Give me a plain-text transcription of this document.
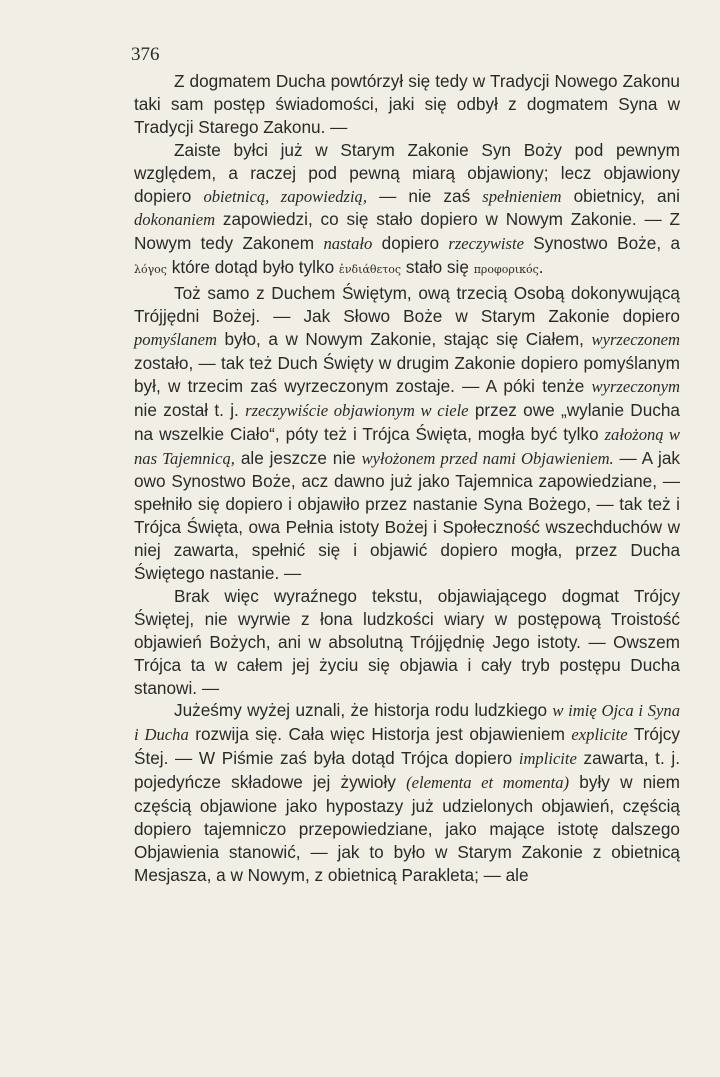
376

Z dogmatem Ducha powtórzył się tedy w Tradycji Nowego Zakonu taki sam postęp świadomości, jaki się odbył z dogmatem Syna w Tradycji Starego Zakonu. —

Zaiste byłci już w Starym Zakonie Syn Boży pod pewnym względem, a raczej pod pewną miarą objawiony; lecz objawiony dopiero obietnicą, zapowiedzią, — nie zaś spełnieniem obietnicy, ani dokonaniem zapowiedzi, co się stało dopiero w Nowym Zakonie. — Z Nowym tedy Zakonem nastało dopiero rzeczywiste Synostwo Boże, a λόγος które dotąd było tylko ἐνδιάθετος stało się προφορικός.

Toż samo z Duchem Świętym, ową trzecią Osobą dokonywującą Trójjędni Bożej. — Jak Słowo Boże w Starym Zakonie dopiero pomyślanem było, a w Nowym Zakonie, stając się Ciałem, wyrzeczonem zostało, — tak też Duch Święty w drugim Zakonie dopiero pomyślanym był, w trzecim zaś wyrzeczonym zostaje. — A póki tenże wyrzeczonym nie został t. j. rzeczywiście objawionym w ciele przez owe „wylanie Ducha na wszelkie Ciało“, póty też i Trójca Święta, mogła być tylko założoną w nas Tajemnicą, ale jeszcze nie wyłożonem przed nami Objawieniem. — A jak owo Synostwo Boże, acz dawno już jako Tajemnica zapowiedziane, — spełniło się dopiero i objawiło przez nastanie Syna Bożego, — tak też i Trójca Święta, owa Pełnia istoty Bożej i Społeczność wszechduchów w niej zawarta, spełnić się i objawić dopiero mogła, przez Ducha Świętego nastanie. —

Brak więc wyraźnego tekstu, objawiającego dogmat Trójcy Świętej, nie wyrwie z łona ludzkości wiary w postępową Troistość objawień Bożych, ani w absolutną Trójjędnię Jego istoty. — Owszem Trójca ta w całem jej życiu się objawia i cały tryb postępu Ducha stanowi. —

Jużeśmy wyżej uznali, że historja rodu ludzkiego w imię Ojca i Syna i Ducha rozwija się. Cała więc Historja jest objawieniem explicite Trójcy Śtej. — W Piśmie zaś była dotąd Trójca dopiero implicite zawarta, t. j. pojedyńcze składowe jej żywioły (elementa et momenta) były w niem częścią objawione jako hypostazy już udzielonych objawień, częścią dopiero tajemniczo przepowiedziane, jako mające istotę dalszego Objawienia stanowić, — jak to było w Starym Zakonie z obietnicą Mesjasza, a w Nowym, z obietnicą Parakleta; — ale
